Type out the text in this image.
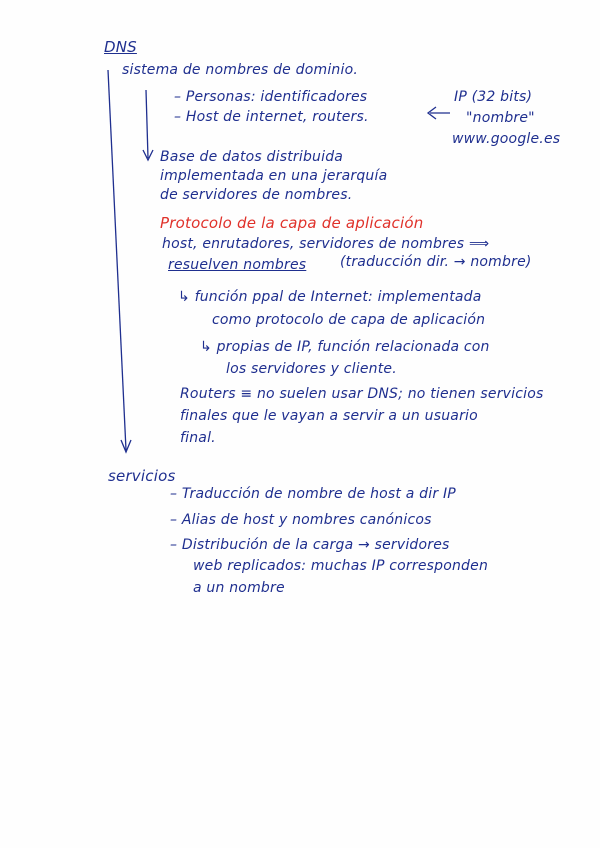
DNS
sistema de nombres de dominio.
– Personas: identificadores
– Host de internet, routers.
IP (32 bits)
"nombre"
www.google.es
Base de datos distribuida
implementada en una jerarquía
de servidores de nombres.
Protocolo de la capa de aplicación
host, enrutadores, servidores de nombres ⟹
resuelven nombres (traducción dir. → nombre)
↳ función ppal de Internet: implementada
como protocolo de capa de aplicación
↳ propias de IP, función relacionada con
los servidores y cliente.
Routers ≡ no suelen usar DNS; no tienen servicios
finales que le vayan a servir a un usuario
final.
servicios
– Traducción de nombre de host a dir IP
– Alias de host y nombres canónicos
– Distribución de la carga → servidores
web replicados: muchas IP corresponden
a un nombre
